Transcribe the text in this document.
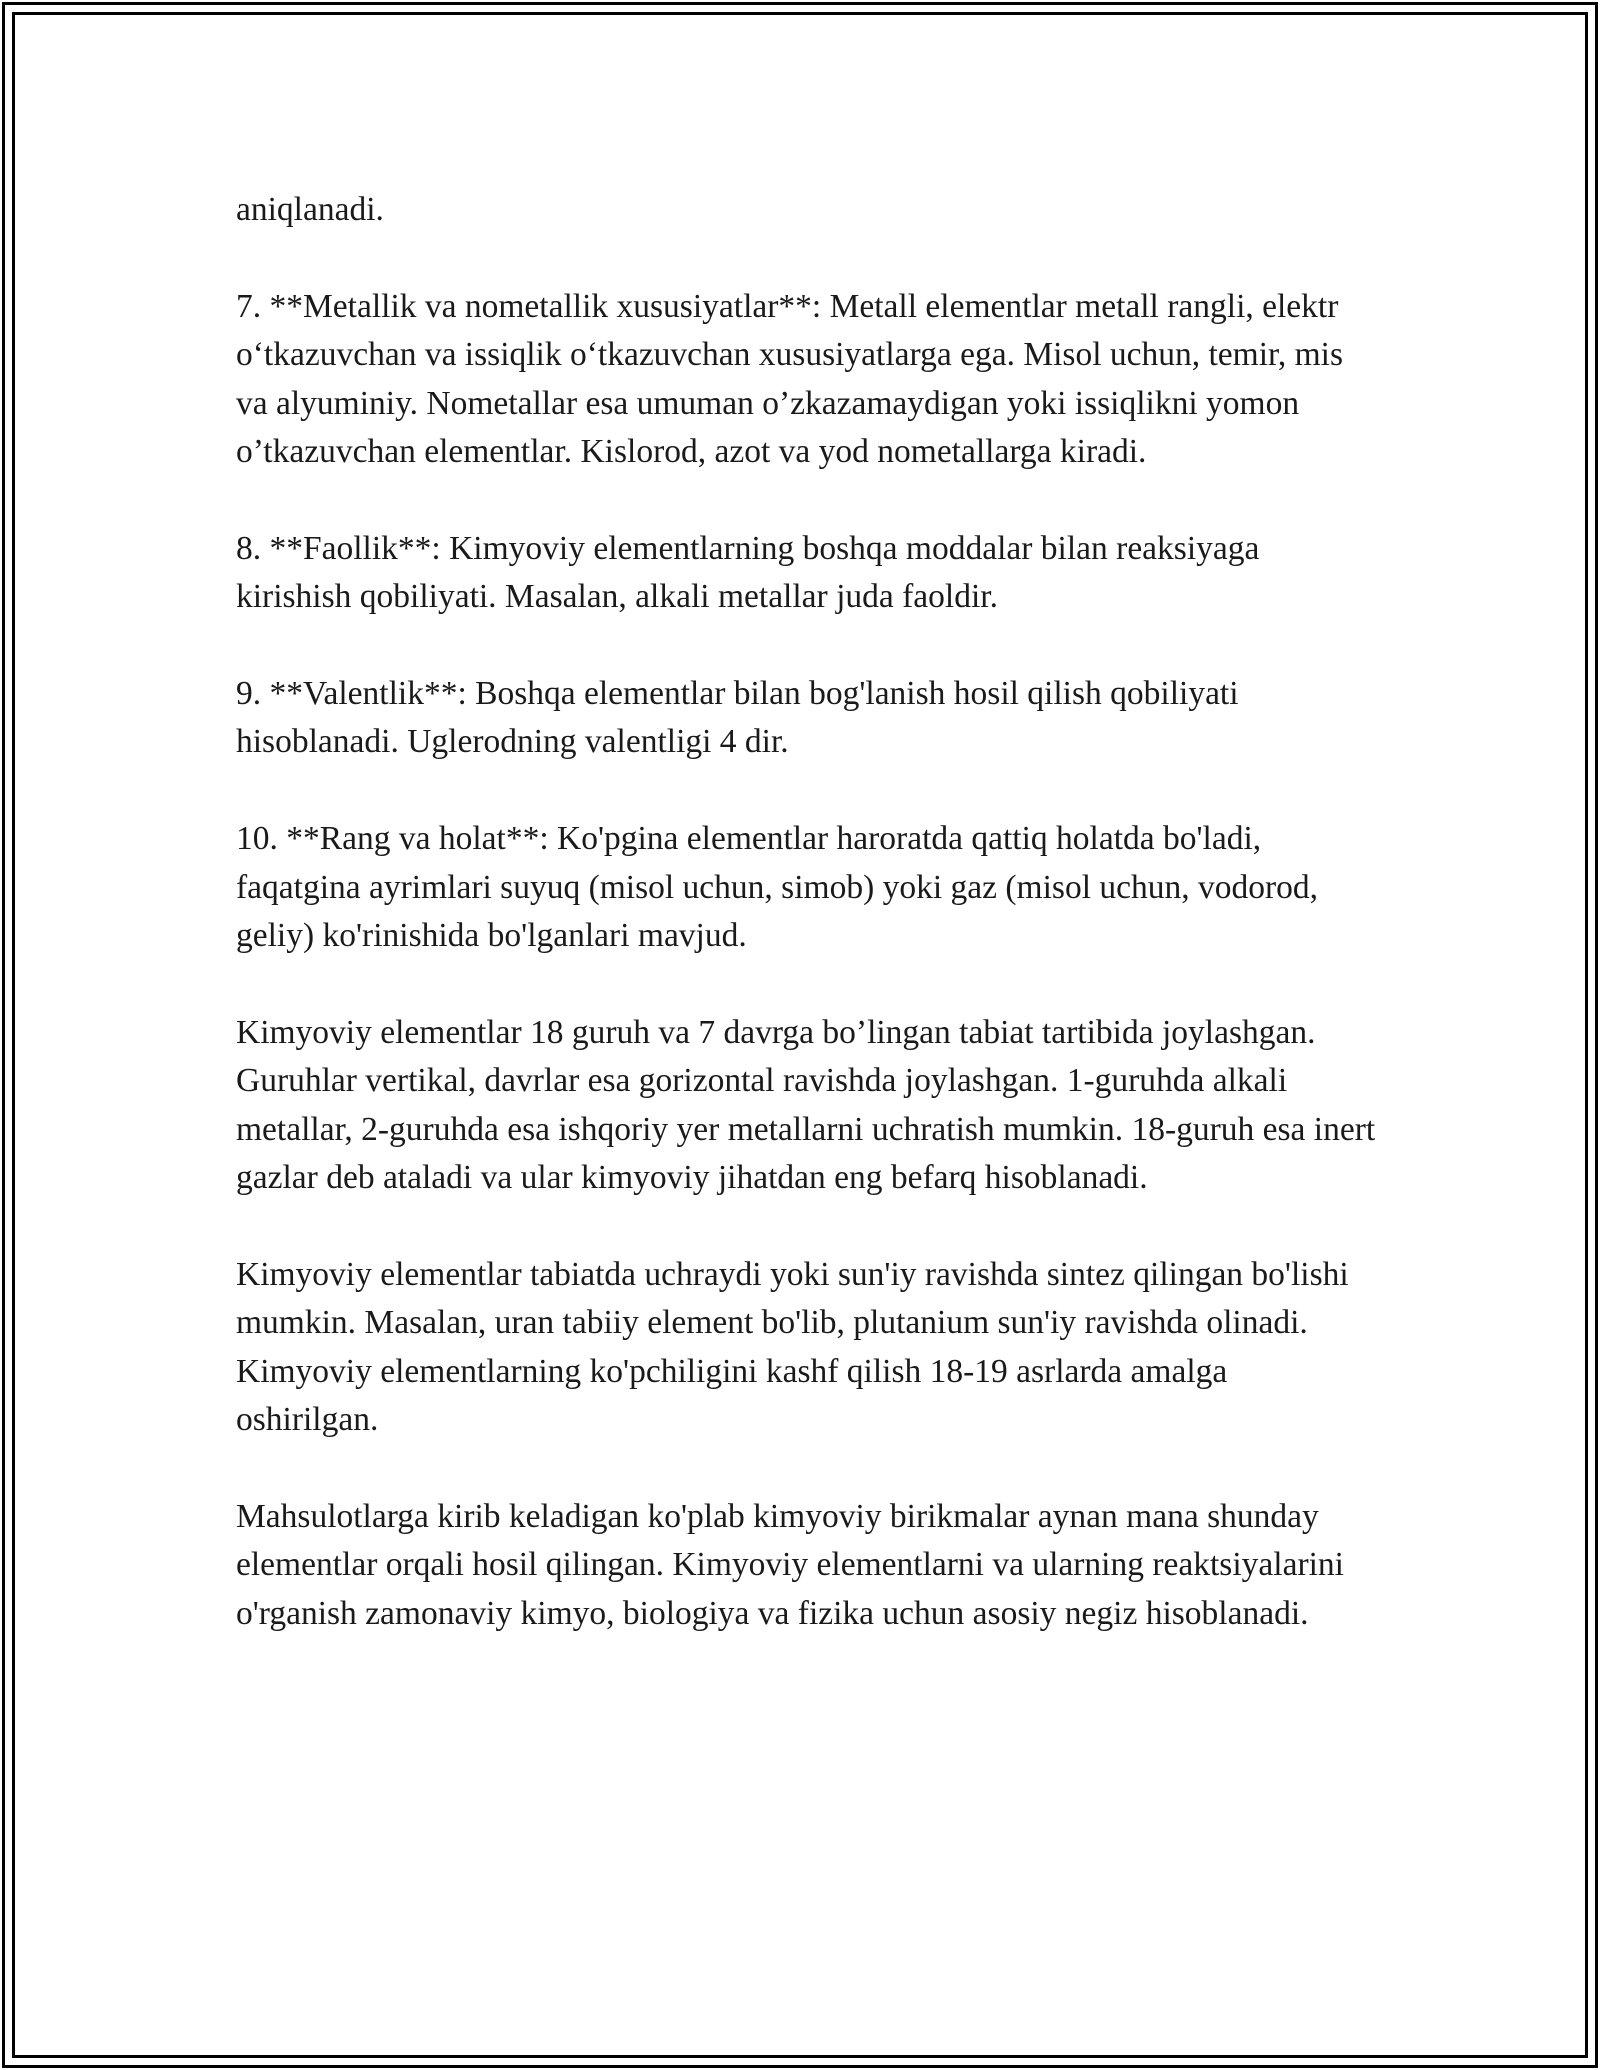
aniqlanadi.

7. **Metallik va nometallik xususiyatlar**: Metall elementlar metall rangli, elektr o‘tkazuvchan va issiqlik o‘tkazuvchan xususiyatlarga ega. Misol uchun, temir, mis va alyuminiy. Nometallar esa umuman o’zkazamaydigan yoki issiqlikni yomon o’tkazuvchan elementlar. Kislorod, azot va yod nometallarga kiradi.

8. **Faollik**: Kimyoviy elementlarning boshqa moddalar bilan reaksiyaga kirishish qobiliyati. Masalan, alkali metallar juda faoldir.

9. **Valentlik**: Boshqa elementlar bilan bog'lanish hosil qilish qobiliyati hisoblanadi. Uglerodning valentligi 4 dir.

10. **Rang va holat**: Ko'pgina elementlar haroratda qattiq holatda bo'ladi, faqatgina ayrimlari suyuq (misol uchun, simob) yoki gaz (misol uchun, vodorod, geliy) ko'rinishida bo'lganlari mavjud.

Kimyoviy elementlar 18 guruh va 7 davrga bo’lingan tabiat tartibida joylashgan. Guruhlar vertikal, davrlar esa gorizontal ravishda joylashgan. 1-guruhda alkali metallar, 2-guruhda esa ishqoriy yer metallarni uchratish mumkin. 18-guruh esa inert gazlar deb ataladi va ular kimyoviy jihatdan eng befarq hisoblanadi.

Kimyoviy elementlar tabiatda uchraydi yoki sun'iy ravishda sintez qilingan bo'lishi mumkin. Masalan, uran tabiiy element bo'lib, plutanium sun'iy ravishda olinadi. Kimyoviy elementlarning ko'pchiligini kashf qilish 18-19 asrlarda amalga oshirilgan.

Mahsulotlarga kirib keladigan ko'plab kimyoviy birikmalar aynan mana shunday elementlar orqali hosil qilingan. Kimyoviy elementlarni va ularning reaktsiyalarini o'rganish zamonaviy kimyo, biologiya va fizika uchun asosiy negiz hisoblanadi.
